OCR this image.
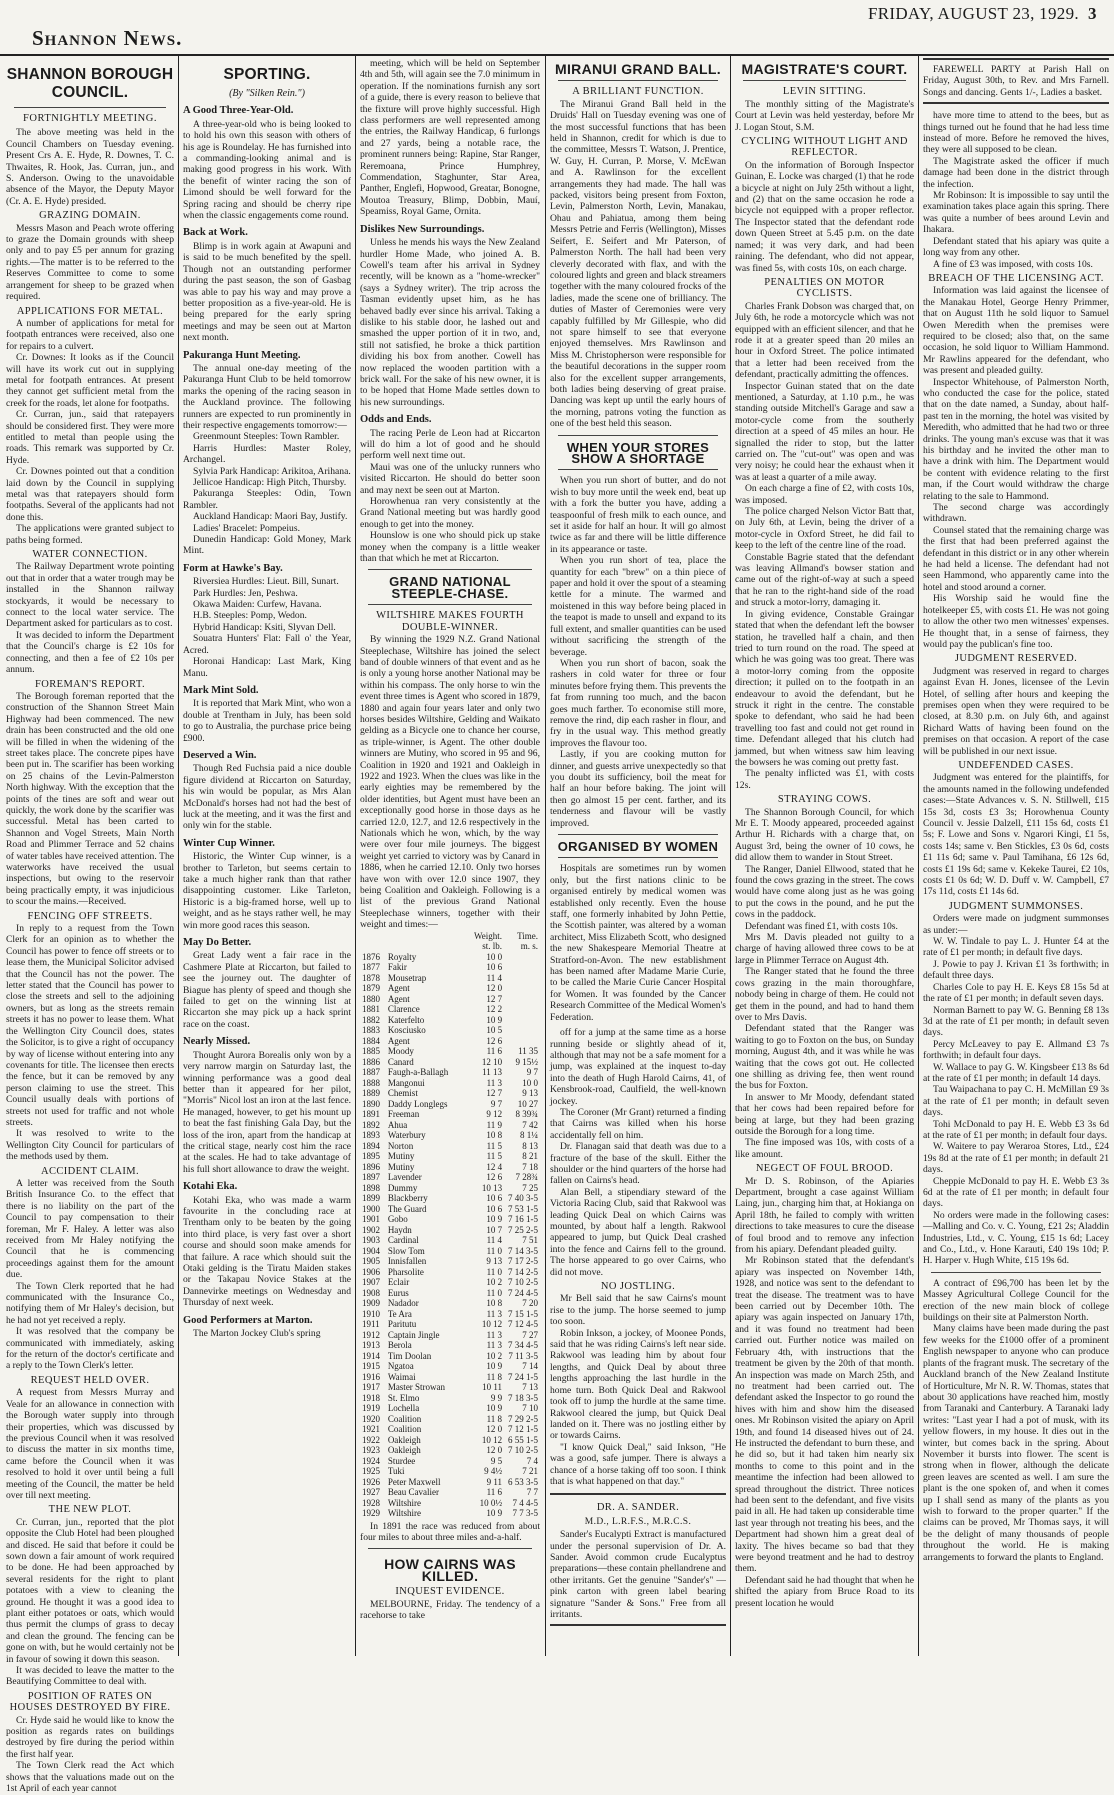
Shannon News.
FRIDAY, AUGUST 23, 1929. 3
SHANNON BOROUGH COUNCIL.
FORTNIGHTLY MEETING.

The above meeting was held in the Council Chambers on Tuesday evening. Present Crs A. E. Hyde, R. Downes, T. C. Thwaites, R. Hook, Jas. Curran, jun., and S. Anderson. Owing to the unavoidable absence of the Mayor, the Deputy Mayor (Cr. A. E. Hyde) presided.

GRAZING DOMAIN.

Messrs Mason and Peach wrote offering to graze the Domain grounds with sheep only and to pay £5 per annum for grazing rights.—The matter is to be referred to the Reserves Committee to come to some arrangement for sheep to be grazed when required.

APPLICATIONS FOR METAL.

A number of applications for metal for footpath entrances were received, also one for repairs to a culvert.

Cr. Downes: It looks as if the Council will have its work cut out in supplying metal for footpath entrances. At present they cannot get sufficient metal from the creek for the roads, let alone for footpaths.

Cr. Curran, jun., said that ratepayers should be considered first. They were more entitled to metal than people using the roads. This remark was supported by Cr. Hyde.

Cr. Downes pointed out that a condition laid down by the Council in supplying metal was that ratepayers should form footpaths. Several of the applicants had not done this.

The applications were granted subject to paths being formed.

WATER CONNECTION.

The Railway Department wrote pointing out that in order that a water trough may be installed in the Shannon railway stockyards, it would be necessary to connect to the local water service. The Department asked for particulars as to cost.

It was decided to inform the Department that the Council's charge is £2 10s for connecting, and then a fee of £2 10s per annum.

FOREMAN'S REPORT.

The Borough foreman reported that the construction of the Shannon Street Main Highway had been commenced. The new drain has been constructed and the old one will be filled in when the widening of the street takes place. The concrete pipes have been put in. The scarifier has been working on 25 chains of the Levin-Palmerston North highway. With the exception that the points of the tines are soft and wear out quickly, the work done by the scarifier was successful. Metal has been carted to Shannon and Vogel Streets, Main North Road and Plimmer Terrace and 52 chains of water tables have received attention. The waterworks have received the usual inspections, but owing to the reservoir being practically empty, it was injudicious to scour the mains.—Received.

FENCING OFF STREETS.

In reply to a request from the Town Clerk for an opinion as to whether the Council has power to fence off streets or to lease them, the Municipal Solicitor advised that the Council has not the power. The letter stated that the Council has power to close the streets and sell to the adjoining owners, but as long as the streets remain streets it has no power to lease them. What the Wellington City Council does, states the Solicitor, is to give a right of occupancy by way of license without entering into any covenants for title. The licensee then erects the fence, but it can be removed by any person claiming to use the street. This Council usually deals with portions of streets not used for traffic and not whole streets.

It was resolved to write to the Wellington City Council for particulars of the methods used by them.

ACCIDENT CLAIM.

A letter was received from the South British Insurance Co. to the effect that there is no liability on the part of the Council to pay compensation to their foreman, Mr F. Haley. A letter was also received from Mr Haley notifying the Council that he is commencing proceedings against them for the amount due.

The Town Clerk reported that he had communicated with the Insurance Co., notifying them of Mr Haley's decision, but he had not yet received a reply.

It was resolved that the company be communicated with immediately, asking for the return of the doctor's certificate and a reply to the Town Clerk's letter.

REQUEST HELD OVER.

A request from Messrs Murray and Veale for an allowance in connection with the Borough water supply into through their properties, which was discussed by the previous Council when it was resolved to discuss the matter in six months time, came before the Council when it was resolved to hold it over until being a full meeting of the Council, the matter be held over till next meeting.

THE NEW PLOT.

Cr. Curran, jun., reported that the plot opposite the Club Hotel had been ploughed and disced. He said that before it could be sown down a fair amount of work required to be done. He had been approached by several residents for the right to plant potatoes with a view to cleaning the ground. He thought it was a good idea to plant either potatoes or oats, which would thus permit the clumps of grass to decay and clean the ground. The fencing can be gone on with, but he would certainly not be in favour of sowing it down this season.

It was decided to leave the matter to the Beautifying Committee to deal with.

POSITION OF RATES ON HOUSES DESTROYED BY FIRE.

Cr. Hyde said he would like to know the position as regards rates on buildings destroyed by fire during the period within the first half year.

The Town Clerk read the Act which shows that the valuations made out on the 1st April of each year cannot

SPORTING.
(By "Silken Rein.")
A Good Three-Year-Old.

A three-year-old who is being looked to to hold his own this season with others of his age is Roundelay. He has furnished into a commanding-looking animal and is making good progress in his work. With the benefit of winter racing the son of Limond should be well forward for the Spring racing and should be cherry ripe when the classic engagements come round.

Back at Work.

Blimp is in work again at Awapuni and is said to be much benefited by the spell. Though not an outstanding performer during the past season, the son of Gasbag was able to pay his way and may prove a better proposition as a five-year-old. He is being prepared for the early spring meetings and may be seen out at Marton next month.

Pakuranga Hunt Meeting.

The annual one-day meeting of the Pakuranga Hunt Club to be held tomorrow marks the opening of the racing season in the Auckland province. The following runners are expected to run prominently in their respective engagements tomorrow:—

Greenmount Steeples: Town Rambler.

Harris Hurdles: Master Roley, Archangel.

Sylvia Park Handicap: Arikitoa, Arihana.

Jellicoe Handicap: High Pitch, Thursby.

Pakuranga Steeples: Odin, Town Rambler.

Auckland Handicap: Maori Bay, Justify.

Ladies' Bracelet: Pompeius.

Dunedin Handicap: Gold Money, Mark Mint.

Form at Hawke's Bay.

Riversiea Hurdles: Lieut. Bill, Sunart.

Park Hurdles: Jen, Peshwa.

Okawa Maiden: Curfew, Havana.

H.B. Steeples: Pomp, Wedon.

Hybrid Handicap: Ksiti, Slyvan Dell.

Souatra Hunters' Flat: Fall o' the Year, Acred.

Horonai Handicap: Last Mark, King Manu.

Mark Mint Sold.

It is reported that Mark Mint, who won a double at Trentham in July, has been sold to go to Australia, the purchase price being £900.

Deserved a Win.

Though Red Fuchsia paid a nice double figure dividend at Riccarton on Saturday, his win would be popular, as Mrs Alan McDonald's horses had not had the best of luck at the meeting, and it was the first and only win for the stable.

Winter Cup Winner.

Historic, the Winter Cup winner, is a brother to Tarleton, but seems certain to take a much higher rank than that rather disappointing customer. Like Tarleton, Historic is a big-framed horse, well up to weight, and as he stays rather well, he may win more good races this season.

May Do Better.

Great Lady went a fair race in the Cashmere Plate at Riccarton, but failed to see the journey out. The daughter of Biague has plenty of speed and though she failed to get on the winning list at Riccarton she may pick up a hack sprint race on the coast.

Nearly Missed.

Thought Aurora Borealis only won by a very narrow margin on Saturday last, the winning performance was a good deal better than it appeared for her pilot, "Morris" Nicol lost an iron at the last fence. He managed, however, to get his mount up to beat the fast finishing Gala Day, but the loss of the iron, apart from the handicap at the critical stage, nearly cost him the race at the scales. He had to take advantage of his full short allowance to draw the weight.

Kotahi Eka.

Kotahi Eka, who was made a warm favourite in the concluding race at Trentham only to be beaten by the going into third place, is very fast over a short course and should soon make amends for that failure. A race which should suit the Otaki gelding is the Tiratu Maiden stakes or the Takapau Novice Stakes at the Dannevirke meetings on Wednesday and Thursday of next week.

Good Performers at Marton.

The Marton Jockey Club's spring

meeting, which will be held on September 4th and 5th, will again see the 7.0 minimum in operation. If the nominations furnish any sort of a guide, there is every reason to believe that the fixture will prove highly successful. High class performers are well represented among the entries, the Railway Handicap, 6 furlongs and 27 yards, being a notable race, the prominent runners being: Rapine, Star Ranger, Reremoana, Prince Humphrey, Commendation, Staghunter, Star Area, Panther, Englefi, Hopwood, Greatar, Bonogne, Moutoa Treasury, Blimp, Dobbin, Mauí, Speamiss, Royal Game, Ornita.

Dislikes New Surroundings.

Unless he mends his ways the New Zealand hurdler Home Made, who joined A. B. Cowell's team after his arrival in Sydney recently, will be known as a "home-wrecker" (says a Sydney writer). The trip across the Tasman evidently upset him, as he has behaved badly ever since his arrival. Taking a dislike to his stable door, he lashed out and smashed the upper portion of it in two, and, still not satisfied, he broke a thick partition dividing his box from another. Cowell has now replaced the wooden partition with a brick wall. For the sake of his new owner, it is to be hoped that Home Made settles down to his new surroundings.

Odds and Ends.

The racing Perle de Leon had at Riccarton will do him a lot of good and he should perform well next time out.

Maui was one of the unlucky runners who visited Riccarton. He should do better soon and may next be seen out at Marton.

Horowhenua ran very consistently at the Grand National meeting but was hardly good enough to get into the money.

Hounslow is one who should pick up stake money when the company is a little weaker than that which he met at Riccarton.

GRAND NATIONAL STEEPLE-CHASE.
WILTSHIRE MAKES FOURTH DOUBLE-WINNER.

By winning the 1929 N.Z. Grand National Steeplechase, Wiltshire has joined the select band of double winners of that event and as he is only a young horse another National may be within his compass. The only horse to win the event three times is Agent who scored in 1879, 1880 and again four years later and only two horses besides Wiltshire, Gelding and Waikato gelding as a Bicycle one to chance her course, as triple-winner, is Agent. The other double winners are Mutiny, who scored in 95 and 96, Coalition in 1920 and 1921 and Oakleigh in 1922 and 1923. When the clues was like in the early eighties may be remembered by the older identities, but Agent must have been an exceptionally good horse in those days as he carried 12.0, 12.7, and 12.6 respectively in the Nationals which he won, which, by the way were over four mile journeys. The biggest weight yet carried to victory was by Canard in 1886, when he carried 12.10. Only two horses have won with over 12.0 since 1907, they being Coalition and Oakleigh. Following is a list of the previous Grand National Steeplechase winners, together with their weight and times:—

		Weight.	Time.
		st. lb.	m. s.
1876	Royalty	10 0	
1877	Fakir	10 6	
1878	Mousetrap	11 4	
1879	Agent	12 0	
1880	Agent	12 7	
1881	Clarence	12 2	
1882	Katerfelto	10 9	
1883	Kosciusko	10 5	
1884	Agent	12 6	
1885	Moody	11 6	11 35
1886	Canard	12 10	9 15½
1887	Faugh-a-Ballagh	11 13	9 7
1888	Mangonui	11 3	10 0
1889	Chemist	12 7	9 13
1890	Daddy Longlegs	9 7	10 27
1891	Freeman	9 12	8 39¾
1892	Ahua	11 9	7 42
1893	Waterbury	10 8	8 1¼
1894	Norton	11 5	8 13
1895	Mutiny	11 5	8 21
1896	Mutiny	12 4	7 18
1897	Lavender	12 6	7 28¾
1898	Dummy	10 13	7 25
1899	Blackberry	10 6	7 40 3-5
1900	The Guard	10 6	7 53 1-5
1901	Gobo	10 9	7 16 1-5
1902	Haydn	10 7	7 25 2-5
1903	Cardinal	11 4	7 51
1904	Slow Tom	11 0	7 14 3-5
1905	Innisfallen	9 13	7 17 2-5
1906	Pharsolite	11 0	7 14 2-5
1907	Eclair	10 2	7 10 2-5
1908	Eurus	11 0	7 24 4-5
1909	Nadador	10 8	7 20
1910	Te Ara	11 3	7 15 1-5
1911	Paritutu	10 12	7 12 4-5
1912	Captain Jingle	11 3	7 27
1913	Berola	11 3	7 34 4-5
1914	Tim Doolan	10 2	7 11 3-5
1915	Ngatoa	10 9	7 14
1916	Waimai	11 8	7 24 1-5
1917	Master Strowan	10 11	7 13
1918	St. Elmo	9 9	7 18 3-5
1919	Lochella	10 9	7 10
1920	Coalition	11 8	7 29 2-5
1921	Coalition	12 0	7 12 1-5
1922	Oakleigh	10 12	6 55 1-5
1923	Oakleigh	12 0	7 10 2-5
1924	Sturdee	9 5	7 4
1925	Tuki	9 4½	7 21
1926	Peter Maxwell	9 11	6 53 3-5
1927	Beau Cavalier	11 6	7 7
1928	Wiltshire	10 0½	7 4 4-5
1929	Wiltshire	10 9	7 7 3-5

In 1891 the race was reduced from about four miles to about three miles and-a-half.

HOW CAIRNS WAS KILLED.
INQUEST EVIDENCE.

MELBOURNE, Friday. The tendency of a racehorse to take

MIRANUI GRAND BALL.
A BRILLIANT FUNCTION.

The Miranui Grand Ball held in the Druids' Hall on Tuesday evening was one of the most successful functions that has been held in Shannon, credit for which is due to the committee, Messrs T. Watson, J. Prentice, W. Guy, H. Curran, P. Morse, V. McEwan and A. Rawlinson for the excellent arrangements they had made. The hall was packed, visitors being present from Foxton, Levin, Palmerston North, Levin, Manakau, Ohau and Pahiatua, among them being Messrs Petrie and Ferris (Wellington), Misses Seifert, E. Seifert and Mr Paterson, of Palmerston North. The hall had been very cleverly decorated with flax, and with the coloured lights and green and black streamers together with the many coloured frocks of the ladies, made the scene one of brilliancy. The duties of Master of Ceremonies were very capably fulfilled by Mr Gillespie, who did not spare himself to see that everyone enjoyed themselves. Mrs Rawlinson and Miss M. Christopherson were responsible for the beautiful decorations in the supper room also for the excellent supper arrangements, both ladies being deserving of great praise. Dancing was kept up until the early hours of the morning, patrons voting the function as one of the best held this season.

WHEN YOUR STORES SHOW A SHORTAGE

When you run short of butter, and do not wish to buy more until the week end, beat up with a fork the butter you have, adding a teaspoonful of fresh milk to each ounce, and set it aside for half an hour. It will go almost twice as far and there will be little difference in its appearance or taste.

When you run short of tea, place the quantity for each "brew" on a thin piece of paper and hold it over the spout of a steaming kettle for a minute. The warmed and moistened in this way before being placed in the teapot is made to unsell and expand to its full extent, and smaller quantities can be used without sacrificing the strength of the beverage.

When you run short of bacon, soak the rashers in cold water for three or four minutes before frying them. This prevents the fat from running too much, and the bacon goes much farther. To economise still more, remove the rind, dip each rasher in flour, and fry in the usual way. This method greatly improves the flavour too.

Lastly, if you are cooking mutton for dinner, and guests arrive unexpectedly so that you doubt its sufficiency, boil the meat for half an hour before baking. The joint will then go almost 15 per cent. farther, and its tenderness and flavour will be vastly improved.

ORGANISED BY WOMEN

Hospitals are sometimes run by women only, but the first nations clinic to be organised entirely by medical women was established only recently. Even the house staff, one formerly inhabited by John Pettie, the Scottish painter, was altered by a woman architect, Miss Elizabeth Scott, who designed the new Shakespeare Memorial Theatre at Stratford-on-Avon. The new establishment has been named after Madame Marie Curie, to be called the Marie Curie Cancer Hospital for Women. It was founded by the Cancer Research Committee of the Medical Women's Federation.

off for a jump at the same time as a horse running beside or slightly ahead of it, although that may not be a safe moment for a jump, was explained at the inquest to-day into the death of Hugh Harold Cairns, 41, of Kensbrook-road, Caulfield, the well-known jockey.

The Coroner (Mr Grant) returned a finding that Cairns was killed when his horse accidentally fell on him.

Dr. Flanagan said that death was due to a fracture of the base of the skull. Either the shoulder or the hind quarters of the horse had fallen on Cairns's head.

Alan Bell, a stipendiary steward of the Victoria Racing Club, said that Rakwool was leading Quick Deal on which Cairns was mounted, by about half a length. Rakwool appeared to jump, but Quick Deal crashed into the fence and Cairns fell to the ground. The horse appeared to go over Cairns, who did not move.

NO JOSTLING.

Mr Bell said that he saw Cairns's mount rise to the jump. The horse seemed to jump too soon.

Robin Inkson, a jockey, of Moonee Ponds, said that he was riding Cairns's left near side. Rakwool was leading him by about four lengths, and Quick Deal by about three lengths approaching the last hurdle in the home turn. Both Quick Deal and Rakwool took off to jump the hurdle at the same time. Rakwool cleared the jump, but Quick Deal landed on it. There was no jostling either by or towards Cairns.

"I know Quick Deal," said Inkson, "He was a good, safe jumper. There is always a chance of a horse taking off too soon. I think that is what happened on that day."

DR. A. SANDER.
M.D., L.R.F.S., M.R.C.S.

Sander's Eucalypti Extract is manufactured under the personal supervision of Dr. A. Sander. Avoid common crude Eucalyptus preparations—these contain phellandrene and other irritants. Get the genuine "Sander's" —pink carton with green label bearing signature "Sander & Sons." Free from all irritants.

MAGISTRATE'S COURT.
LEVIN SITTING.

The monthly sitting of the Magistrate's Court at Levin was held yesterday, before Mr J. Logan Stout, S.M.

CYCLING WITHOUT LIGHT AND REFLECTOR.

On the information of Borough Inspector Guinan, E. Locke was charged (1) that he rode a bicycle at night on July 25th without a light, and (2) that on the same occasion he rode a bicycle not equipped with a proper reflector. The Inspector stated that the defendant rode down Queen Street at 5.45 p.m. on the date named; it was very dark, and had been raining. The defendant, who did not appear, was fined 5s, with costs 10s, on each charge.

PENALTIES ON MOTOR CYCLISTS.

Charles Frank Dobson was charged that, on July 6th, he rode a motorcycle which was not equipped with an efficient silencer, and that he rode it at a greater speed than 20 miles an hour in Oxford Street. The police intimated that a letter had been received from the defendant, practically admitting the offences.

Inspector Guinan stated that on the date mentioned, a Saturday, at 1.10 p.m., he was standing outside Mitchell's Garage and saw a motor-cycle come from the southerly direction at a speed of 45 miles an hour. He signalled the rider to stop, but the latter carried on. The "cut-out" was open and was very noisy; he could hear the exhaust when it was at least a quarter of a mile away.

On each charge a fine of £2, with costs 10s, was imposed.

The police charged Nelson Victor Batt that, on July 6th, at Levin, being the driver of a motor-cycle in Oxford Street, he did fail to keep to the left of the centre line of the road.

Constable Bagrie stated that the defendant was leaving Allmand's bowser station and came out of the right-of-way at such a speed that he ran to the right-hand side of the road and struck a motor-lorry, damaging it.

In giving evidence, Constable Graingar stated that when the defendant left the bowser station, he travelled half a chain, and then tried to turn round on the road. The speed at which he was going was too great. There was a motor-lorry coming from the opposite direction; it pulled on to the footpath in an endeavour to avoid the defendant, but he struck it right in the centre. The constable spoke to defendant, who said he had been travelling too fast and could not get round in time. Defendant alleged that his clutch had jammed, but when witness saw him leaving the bowsers he was coming out pretty fast.

The penalty inflicted was £1, with costs 12s.

STRAYING COWS.

The Shannon Borough Council, for which Mr E. T. Moody appeared, proceeded against Arthur H. Richards with a charge that, on August 3rd, being the owner of 10 cows, he did allow them to wander in Stout Street.

The Ranger, Daniel Ellwood, stated that he found the cows grazing in the street. The cows would have come along just as he was going to put the cows in the pound, and he put the cows in the paddock.

Defendant was fined £1, with costs 10s.

Mrs M. Davis pleaded not guilty to a charge of having allowed three cows to be at large in Plimmer Terrace on August 4th.

The Ranger stated that he found the three cows grazing in the main thoroughfare, nobody being in charge of them. He could not get them in the pound, and had to hand them over to Mrs Davis.

Defendant stated that the Ranger was waiting to go to Foxton on the bus, on Sunday morning, August 4th, and it was while he was waiting that the cows got out. He collected one shilling as driving fee, then went round the bus for Foxton.

In answer to Mr Moody, defendant stated that her cows had been repaired before for being at large, but they had been grazing outside the Borough for a long time.

The fine imposed was 10s, with costs of a like amount.

NEGECT OF FOUL BROOD.

Mr D. S. Robinson, of the Apiaries Department, brought a case against William Laing, jun., charging him that, at Hokianga on April 18th, he failed to comply with written directions to take measures to cure the disease of foul brood and to remove any infection from his apiary. Defendant pleaded guilty.

Mr Robinson stated that the defendant's apiary was inspected on November 14th, 1928, and notice was sent to the defendant to treat the disease. The treatment was to have been carried out by December 10th. The apiary was again inspected on January 17th, and it was found no treatment had been carried out. Further notice was mailed on February 4th, with instructions that the treatment be given by the 20th of that month. An inspection was made on March 25th, and no treatment had been carried out. The defendant asked the Inspector to go round the hives with him and show him the diseased ones. Mr Robinson visited the apiary on April 19th, and found 14 diseased hives out of 24. He instructed the defendant to burn these, and he did so, but it had taken him nearly six months to come to this point and in the meantime the infection had been allowed to spread throughout the district. Three notices had been sent to the defendant, and five visits paid in all. He had taken up considerable time last year through not treating his bees, and the Department had shown him a great deal of laxity. The hives became so bad that they were beyond treatment and he had to destroy them.

Defendant said he had thought that when he shifted the apiary from Bruce Road to its present location he would

FAREWELL PARTY at Parish Hall on Friday, August 30th, to Rev. and Mrs Farnell. Songs and dancing. Gents 1/-, Ladies a basket.

have more time to attend to the bees, but as things turned out he found that he had less time instead of more. Before he removed the hives, they were all supposed to be clean.

The Magistrate asked the officer if much damage had been done in the district through the infection.

Mr Robinson: It is impossible to say until the examination takes place again this spring. There was quite a number of bees around Levin and Ihakara.

Defendant stated that his apiary was quite a long way from any other.

A fine of £3 was imposed, with costs 10s.

BREACH OF THE LICENSING ACT.

Information was laid against the licensee of the Manakau Hotel, George Henry Primmer, that on August 11th he sold liquor to Samuel Owen Meredith when the premises were required to be closed; also that, on the same occasion, he sold liquor to William Hammond. Mr Rawlins appeared for the defendant, who was present and pleaded guilty.

Inspector Whitehouse, of Palmerston North, who conducted the case for the police, stated that on the date named, a Sunday, about half-past ten in the morning, the hotel was visited by Meredith, who admitted that he had two or three drinks. The young man's excuse was that it was his birthday and he invited the other man to have a drink with him. The Department would be content with evidence relating to the first man, if the Court would withdraw the charge relating to the sale to Hammond.

The second charge was accordingly withdrawn.

Counsel stated that the remaining charge was the first that had been preferred against the defendant in this district or in any other wherein he had held a license. The defendant had not seen Hammond, who apparently came into the hotel and stood around a corner.

His Worship said he would fine the hotelkeeper £5, with costs £1. He was not going to allow the other two men witnesses' expenses. He thought that, in a sense of fairness, they would pay the publican's fine too.

JUDGMENT RESERVED.

Judgment was reserved in regard to charges against Evan H. Jones, licensee of the Levin Hotel, of selling after hours and keeping the premises open when they were required to be closed, at 8.30 p.m. on July 6th, and against Richard Watts of having been found on the premises on that occasion. A report of the case will be published in our next issue.

UNDEFENDED CASES.

Judgment was entered for the plaintiffs, for the amounts named in the following undefended cases:—State Advances v. S. N. Stillwell, £15 15s 3d, costs £3 3s; Horowhenua County Council v. Jessie Dalzell, £11 15s 6d, costs £1 5s; F. Lowe and Sons v. Ngarori Kingi, £1 5s, costs 14s; same v. Ben Stickles, £3 0s 6d, costs £1 11s 6d; same v. Paul Tamihana, £6 12s 6d, costs £1 19s 6d; same v. Kekeke Taurei, £2 10s, costs £1 0s 6d; W. D. Duff v. W. Campbell, £7 17s 11d, costs £1 14s 6d.

JUDGMENT SUMMONSES.

Orders were made on judgment summonses as under:—

W. W. Tindale to pay L. J. Hunter £4 at the rate of £1 per month; in default five days.

J. Powie to pay J. Krivan £1 3s forthwith; in default three days.

Charles Cole to pay H. E. Keys £8 15s 5d at the rate of £1 per month; in default seven days.

Norman Barnett to pay W. G. Benning £8 13s 3d at the rate of £1 per month; in default seven days.

Percy McLeavey to pay E. Allmand £3 7s forthwith; in default four days.

W. Wallace to pay G. W. Kingsbeer £13 8s 6d at the rate of £1 per month; in default 14 days.

Tau Waipachana to pay C. H. McMillan £9 3s at the rate of £1 per month; in default seven days.

Tohi McDonald to pay H. E. Webb £3 3s 6d at the rate of £1 per month; in default four days.

W. Waitere to pay Weraroa Stores, Ltd., £24 19s 8d at the rate of £1 per month; in default 21 days.

Cheppie McDonald to pay H. E. Webb £3 3s 6d at the rate of £1 per month; in default four days.

No orders were made in the following cases:—Malling and Co. v. C. Young, £21 2s; Aladdin Industries, Ltd., v. C. Young, £15 1s 6d; Lacey and Co., Ltd., v. Hone Karauti, £40 19s 10d; P. H. Harper v. Hugh White, £15 19s 6d.

A contract of £96,700 has been let by the Massey Agricultural College Council for the erection of the new main block of college buildings on their site at Palmerston North.

Many claims have been made during the past few weeks for the £1000 offer of a prominent English newspaper to anyone who can produce plants of the fragrant musk. The secretary of the Auckland branch of the New Zealand Institute of Horticulture, Mr N. R. W. Thomas, states that about 30 applications have reached him, mostly from Taranaki and Canterbury. A Taranaki lady writes: "Last year I had a pot of musk, with its yellow flowers, in my house. It dies out in the winter, but comes back in the spring. About November it bursts into flower. The scent is strong when in flower, although the delicate green leaves are scented as well. I am sure the plant is the one spoken of, and when it comes up I shall send as many of the plants as you wish to forward to the proper quarter." If the claims can be proved, Mr Thomas says, it will be the delight of many thousands of people throughout the world. He is making arrangements to forward the plants to England.
